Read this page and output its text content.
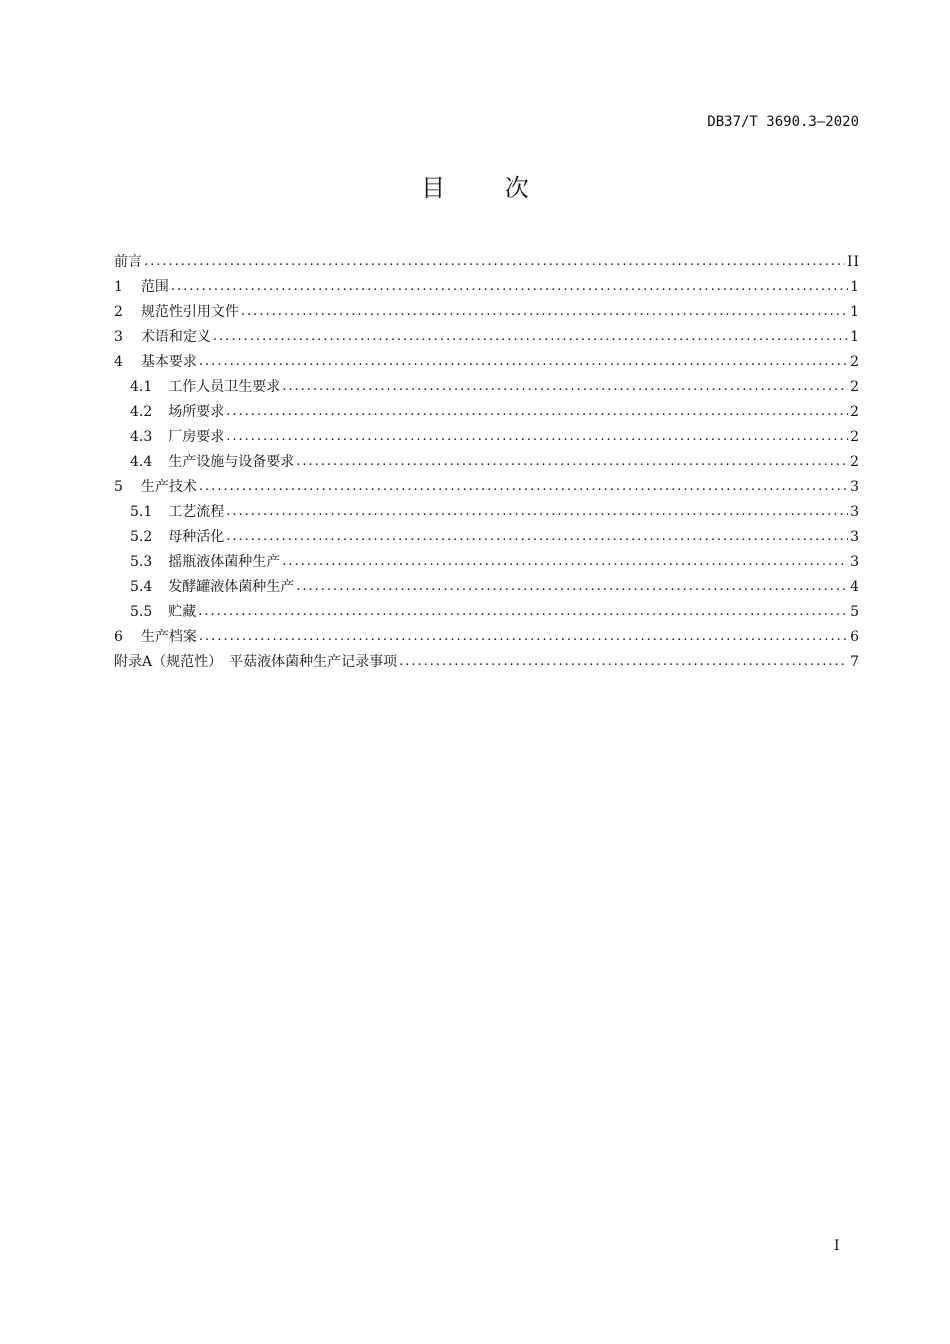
DB37/T 3690.3—2020
目 次
前言 .....	II
1 范围 .....	1
2 规范性引用文件 .....	1
3 术语和定义 .....	1
4 基本要求 .....	2
4.1 工作人员卫生要求 .....	2
4.2 场所要求 .....	2
4.3 厂房要求 .....	2
4.4 生产设施与设备要求 .....	2
5 生产技术 .....	3
5.1 工艺流程 .....	3
5.2 母种活化 .....	3
5.3 摇瓶液体菌种生产 .....	3
5.4 发酵罐液体菌种生产 .....	4
5.5 贮藏 .....	5
6 生产档案 .....	6
附录A（规范性）　平菇液体菌种生产记录事项 .....	7
I
